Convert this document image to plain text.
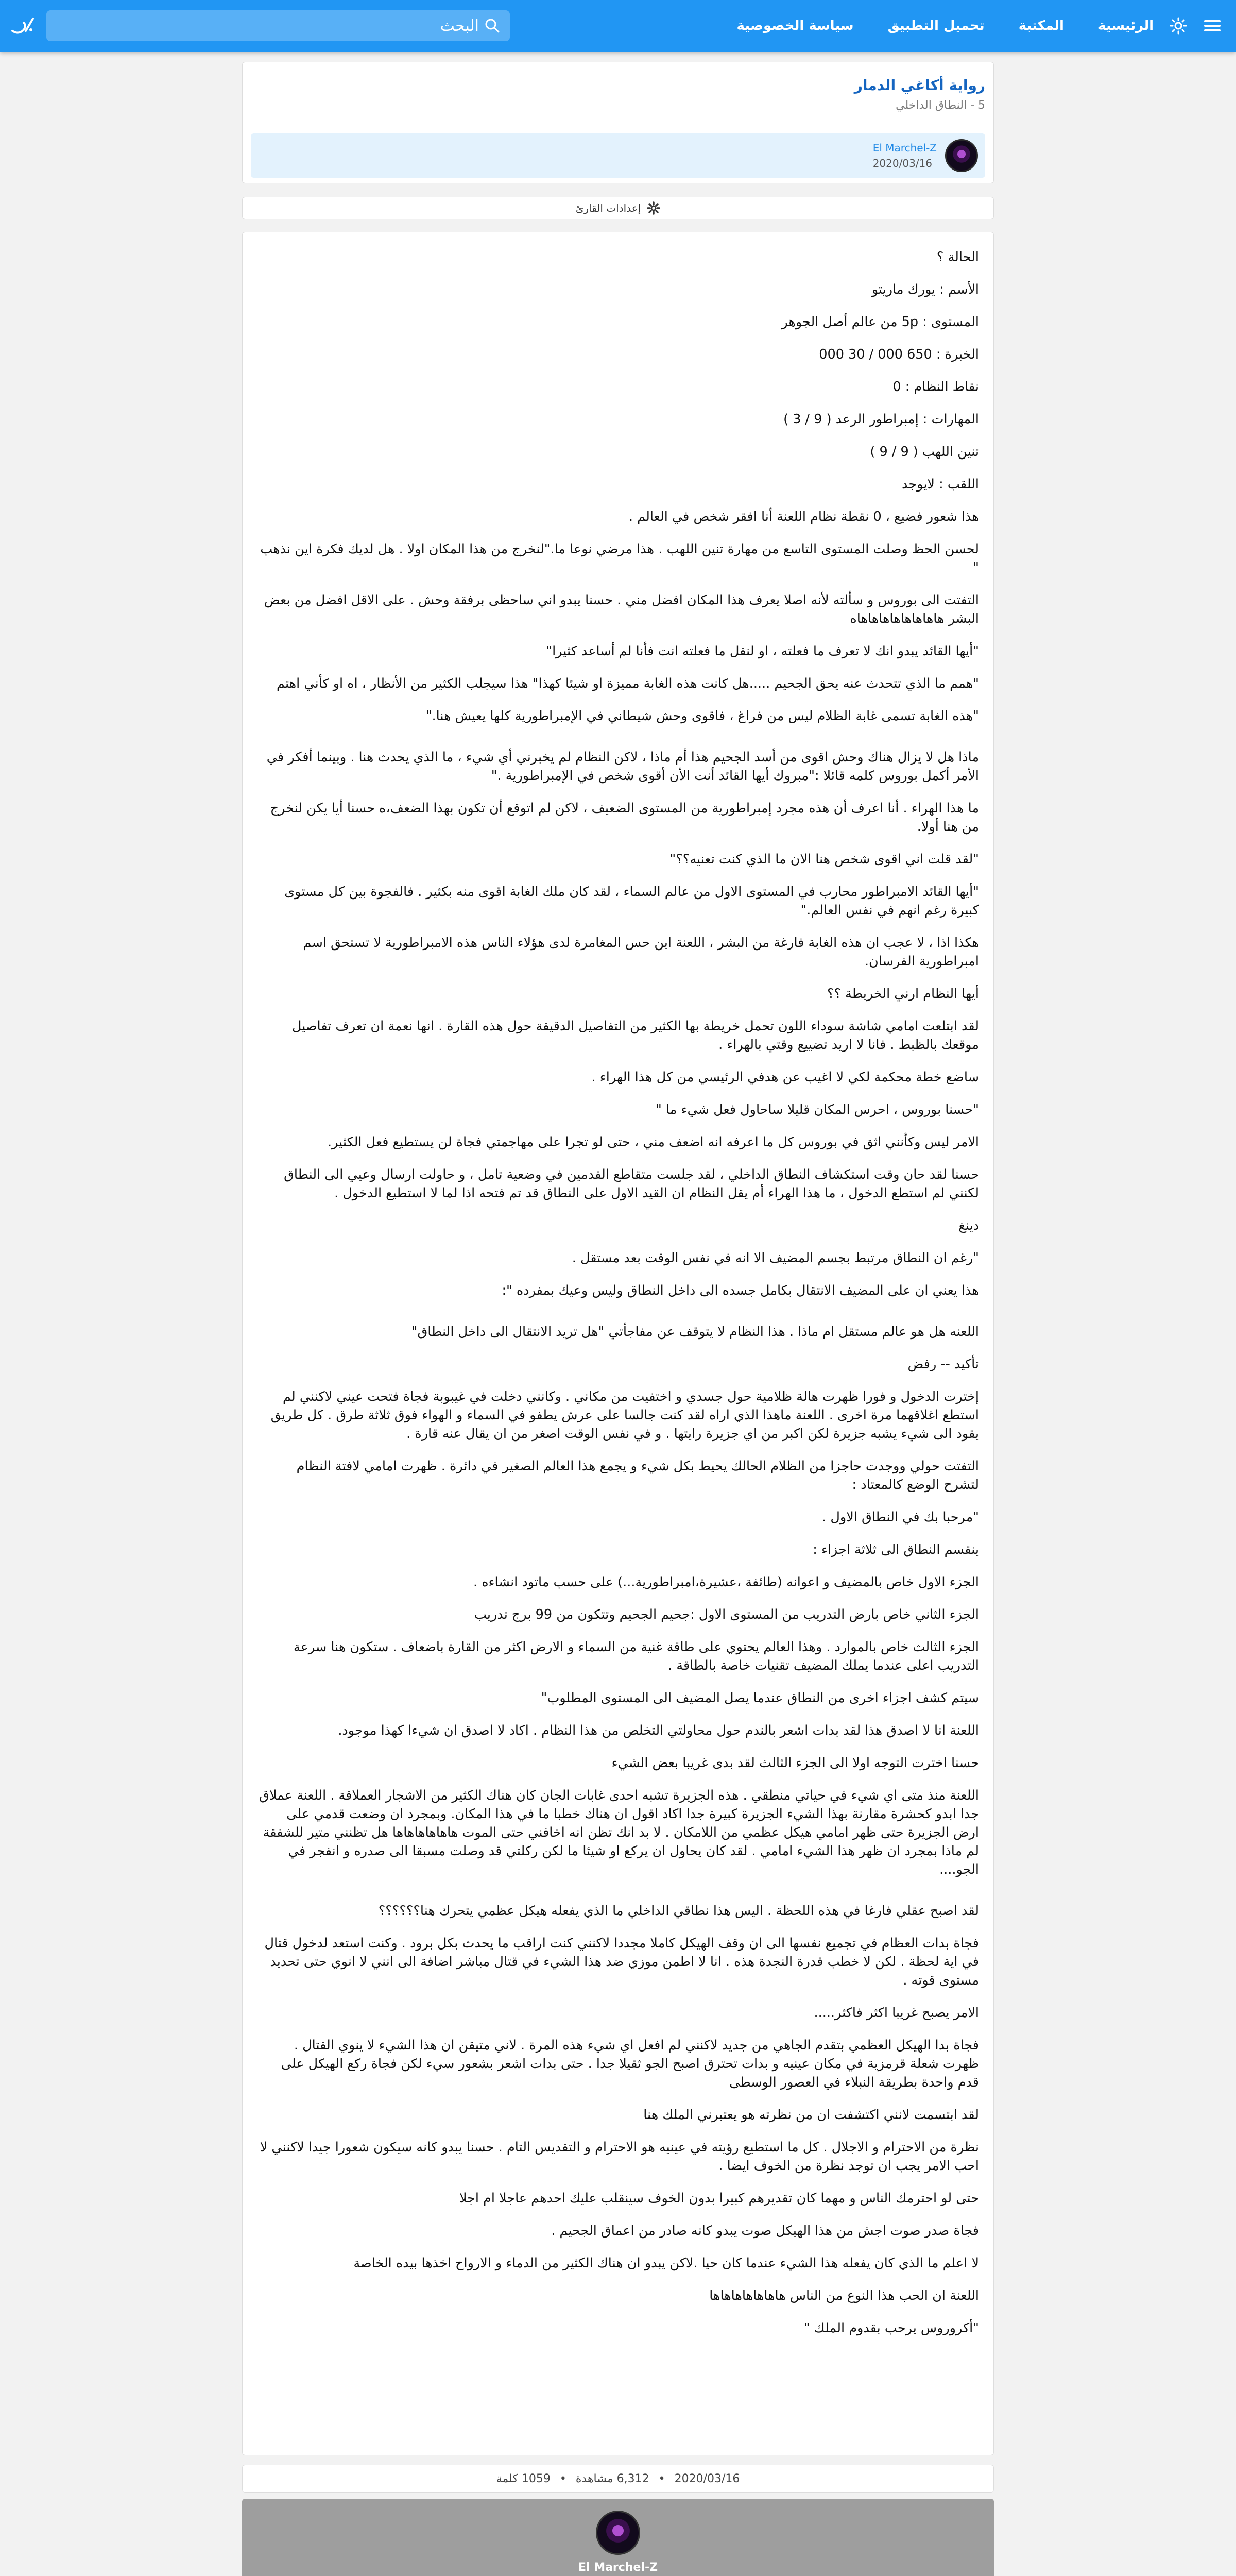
الرئيسية
المكتبة
تحميل التطبيق
سياسة الخصوصية
البحث
رواية أكاغي الدمار
5 - النطاق الداخلي
El Marchel-Z
2020/03/16
إعدادات القارئ

الحالة ؟

الأسم : يورك ماريتو

المستوى : 5p من عالم أصل الجوهر

الخبرة : 650 000 / 30 000

نقاط النظام : 0

المهارات : إمبراطور الرعد ( 9 / 3 )

تنين اللهب ( 9 / 9 )

اللقب : لايوجد

هذا شعور فضيع ، 0 نقطة نظام اللعنة أنا افقر شخص في العالم .

لحسن الحظ وصلت المستوى التاسع من مهارة تنين اللهب . هذا مرضي نوعا ما."لنخرج من هذا المكان اولا . هل لديك فكرة اين نذهب "

التفتت الى بوروس و سألته لأنه اصلا يعرف هذا المكان افضل مني . حسنا يبدو اني ساحظى برفقة وحش . على الاقل افضل من بعض البشر هاهاهاهاهاهاهاهاه

"أيها القائد يبدو انك لا تعرف ما فعلته ، او لنقل ما فعلته انت فأنا لم أساعد كثيرا"

"همم ما الذي تتحدث عنه يحق الجحيم .....هل كانت هذه الغابة مميزة او شيئا كهذا" هذا سيجلب الكثير من الأنظار ، اه او كأني اهتم

"هذه الغابة تسمى غابة الظلام ليس من فراغ ، فاقوى وحش شيطاني في الإمبراطورية كلها يعيش هنا."

ماذا هل لا يزال هناك وحش اقوى من أسد الجحيم هذا أم ماذا ، لاكن النظام لم يخبرني أي شيء ، ما الذي يحدث هنا . وبينما أفكر في الأمر أكمل بوروس كلمه قائلا :"مبروك أيها القائد أنت الأن أقوى شخص في الإمبراطورية ."

ما هذا الهراء . أنا اعرف أن هذه مجرد إمبراطورية من المستوى الضعيف ، لاكن لم اتوقع أن تكون بهذا الضعف،ه حسنا أيا يكن لنخرج من هنا أولا.

"لقد قلت اني اقوى شخص هنا الان ما الذي كنت تعنيه؟؟"

"أيها القائد الامبراطور محارب في المستوى الاول من عالم السماء ، لقد كان ملك الغابة اقوى منه بكثير . فالفجوة بين كل مستوى كبيرة رغم انهم في نفس العالم."

هكذا اذا ، لا عجب ان هذه الغابة فارغة من البشر ، اللعنة اين حس المغامرة لدى هؤلاء الناس هذه الامبراطورية لا تستحق اسم امبراطورية الفرسان.

أيها النظام ارني الخريطة ؟؟

لقد ابتلعت امامي شاشة سوداء اللون تحمل خريطة بها الكثير من التفاصيل الدقيقة حول هذه القارة . انها نعمة ان تعرف تفاصيل موقعك بالظبط . فانا لا اريد تضييع وقتي بالهراء .

ساضع خطة محكمة لكي لا اغيب عن هدفي الرئيسي من كل هذا الهراء .

"حسنا بوروس ، احرس المكان قليلا ساحاول فعل شيء ما "

الامر ليس وكأنني اثق في بوروس كل ما اعرفه انه اضعف مني ، حتى لو تجرا على مهاجمتي فجاة لن يستطيع فعل الكثير.

حسنا لقد حان وقت استكشاف النطاق الداخلي ، لقد جلست متقاطع القدمين في وضعية تامل ، و حاولت ارسال وعيي الى النطاق لكنني لم استطع الدخول ، ما هذا الهراء أم يقل النظام ان القيد الاول على النطاق قد تم فتحه اذا لما لا استطيع الدخول .

دينغ

"رغم ان النطاق مرتبط بجسم المضيف الا انه في نفس الوقت بعد مستقل .

هذا يعني ان على المضيف الانتقال بكامل جسده الى داخل النطاق وليس وعيك بمفرده ":

اللعنه هل هو عالم مستقل ام ماذا . هذا النظام لا يتوقف عن مفاجأتي "هل تريد الانتقال الى داخل النطاق"

تأكيد -- رفض

إخترت الدخول و فورا ظهرت هالة ظلامية حول جسدي و اختفيت من مكاني . وكانني دخلت في غيبوبة فجاة فتحت عيني لاكنني لم استطع اغلاقهما مرة اخرى . اللعنة ماهذا الذي اراه لقد كنت جالسا على عرش يطفو في السماء و الهواء فوق ثلاثة طرق . كل طريق يقود الى شيء يشبه جزيرة لكن اكبر من اي جزيرة رايتها . و في نفس الوقت اصغر من ان يقال عنه قارة .

التفتت حولي ووجدت حاجزا من الظلام الحالك يحيط بكل شيء و يجمع هذا العالم الصغير في دائرة . ظهرت امامي لافتة النظام لتشرح الوضع كالمعتاد :

"مرحبا بك في النطاق الاول .

ينقسم النطاق الى ثلاثة اجزاء :

الجزء الاول خاص بالمضيف و اعوانه (طائفة ،عشيرة،امبراطورية...) على حسب ماتود انشاءه .

الجزء الثاني خاص بارض التدريب من المستوى الاول :جحيم الجحيم وتتكون من 99 برج تدريب

الجزء الثالث خاص بالموارد . وهذا العالم يحتوي على طاقة غنية من السماء و الارض اكثر من القارة باضعاف . ستكون هنا سرعة التدريب اعلى عندما يملك المضيف تقنيات خاصة بالطاقة .

سيتم كشف اجزاء اخرى من النطاق عندما يصل المضيف الى المستوى المطلوب"

اللعنة انا لا اصدق هذا لقد بدات اشعر بالندم حول محاولتي التخلص من هذا النظام . اكاد لا اصدق ان شيءا كهذا موجود.

حسنا اخترت التوجه اولا الى الجزء الثالث لقد بدى غريبا بعض الشيء

اللعنة منذ متى اي شيء في حياتي منطقي . هذه الجزيرة تشبه احدى غابات الجان كان هناك الكثير من الاشجار العملاقة . اللعنة عملاق جدا ابدو كحشرة مقارنة بهذا الشيء الجزيرة كبيرة جدا اكاد اقول ان هناك خطبا ما في هذا المكان. وبمجرد ان وضعت قدمي على ارض الجزيرة حتى ظهر امامي هيكل عظمي من اللامكان . لا بد انك تظن انه اخافني حتى الموت هاهاهاهاهاها هل تظنني متير للشفقة لم ماذا بمجرد ان ظهر هذا الشيء امامي . لقد كان يحاول ان يركع او شيئا ما لكن ركلتي قد وصلت مسبقا الى صدره و انفجر في الجو....

لقد اصبح عقلي فارغا في هذه اللحظة . اليس هذا نطاقي الداخلي ما الذي يفعله هيكل عظمي يتحرك هنا؟؟؟؟؟؟

فجاة بدات العظام في تجميع نفسها الى ان وقف الهيكل كاملا مجددا لاكنني كنت اراقب ما يحدث بكل برود . وكنت استعد لدخول قتال في اية لحظة . لكن لا خطب قدرة النجدة هذه . انا لا اطمن موزي ضد هذا الشيء في قتال مباشر اضافة الى انني لا انوي حتى تحديد مستوى قوته .

الامر يصبح غريبا اكثر فاكثر.....

فجاة بدا الهيكل العظمي بتقدم الجاهي من جديد لاكنني لم افعل اي شيء هذه المرة . لاني متيقن ان هذا الشيء لا ينوي القتال . ظهرت شعلة قرمزية في مكان عينيه و بدات تحترق اصبح الجو ثقيلا جدا . حتى بدات اشعر بشعور سيء لكن فجاة ركع الهيكل على قدم واحدة بطريقة النبلاء في العصور الوسطى

لقد ابتسمت لانني اكتشفت ان من نظرته هو يعتبرني الملك هنا

نظرة من الاحترام و الاجلال . كل ما استطيع رؤيته في عينيه هو الاحترام و التقديس التام . حسنا يبدو كانه سيكون شعورا جيدا لاكنني لا احب الامر يجب ان توجد نظرة من الخوف ايضا .

حتى لو احترمك الناس و مهما كان تقديرهم كبيرا بدون الخوف سينقلب عليك احدهم عاجلا ام اجلا

فجاة صدر صوت اجش من هذا الهيكل صوت يبدو كانه صادر من اعماق الجحيم .

لا اعلم ما الذي كان يفعله هذا الشيء عندما كان حيا .لاكن يبدو ان هناك الكثير من الدماء و الارواح اخذها بيده الخاصة

اللعنة ان الحب هذا النوع من الناس هاهاهاهاهاهاها

"أكروروس يرحب بقدوم الملك "

2020/03/16
•
6,312 مشاهدة
•
1059 كلمة
El Marchel-Z
